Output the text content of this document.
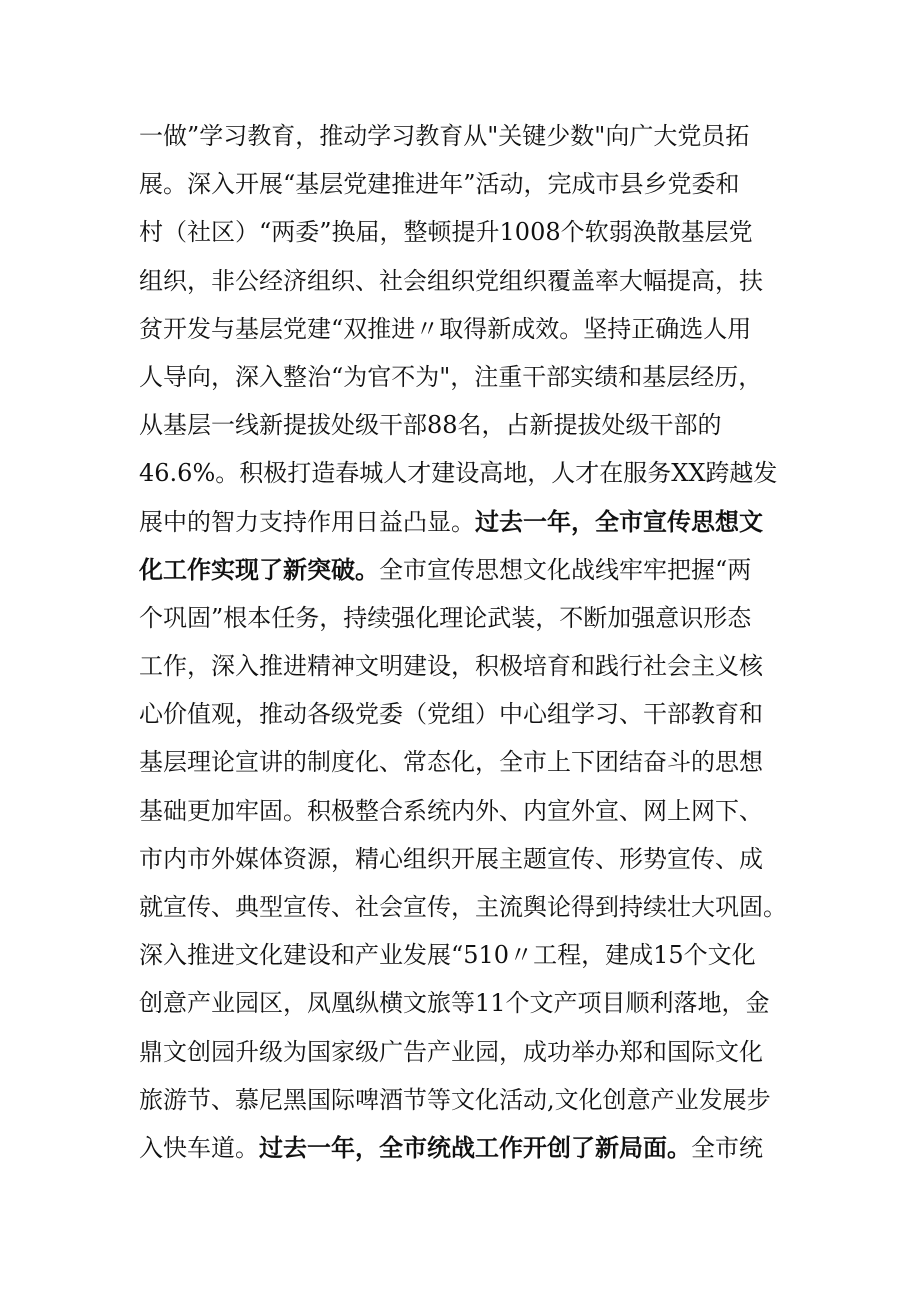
一做”学习教育，推动学习教育从"关键少数"向广大党员拓
展。深入开展“基层党建推进年”活动，完成市县乡党委和
村（社区）“两委”换届，整顿提升1008个软弱涣散基层党
组织，非公经济组织、社会组织党组织覆盖率大幅提高，扶
贫开发与基层党建“双推进〃取得新成效。坚持正确选人用
人导向，深入整治“为官不为"，注重干部实绩和基层经历，
从基层一线新提拔处级干部88名，占新提拔处级干部的
46.6%。积极打造春城人才建设高地，人才在服务XX跨越发
展中的智力支持作用日益凸显。过去一年，全市宣传思想文
化工作实现了新突破。全市宣传思想文化战线牢牢把握“两
个巩固”根本任务，持续强化理论武装，不断加强意识形态
工作，深入推进精神文明建设，积极培育和践行社会主义核
心价值观，推动各级党委（党组）中心组学习、干部教育和
基层理论宣讲的制度化、常态化，全市上下团结奋斗的思想
基础更加牢固。积极整合系统内外、内宣外宣、网上网下、
市内市外媒体资源，精心组织开展主题宣传、形势宣传、成
就宣传、典型宣传、社会宣传，主流舆论得到持续壮大巩固。
深入推进文化建设和产业发展“510〃工程，建成15个文化
创意产业园区，凤凰纵横文旅等11个文产项目顺利落地，金
鼎文创园升级为国家级广告产业园，成功举办郑和国际文化
旅游节、慕尼黑国际啤酒节等文化活动,文化创意产业发展步
入快车道。过去一年，全市统战工作开创了新局面。全市统
